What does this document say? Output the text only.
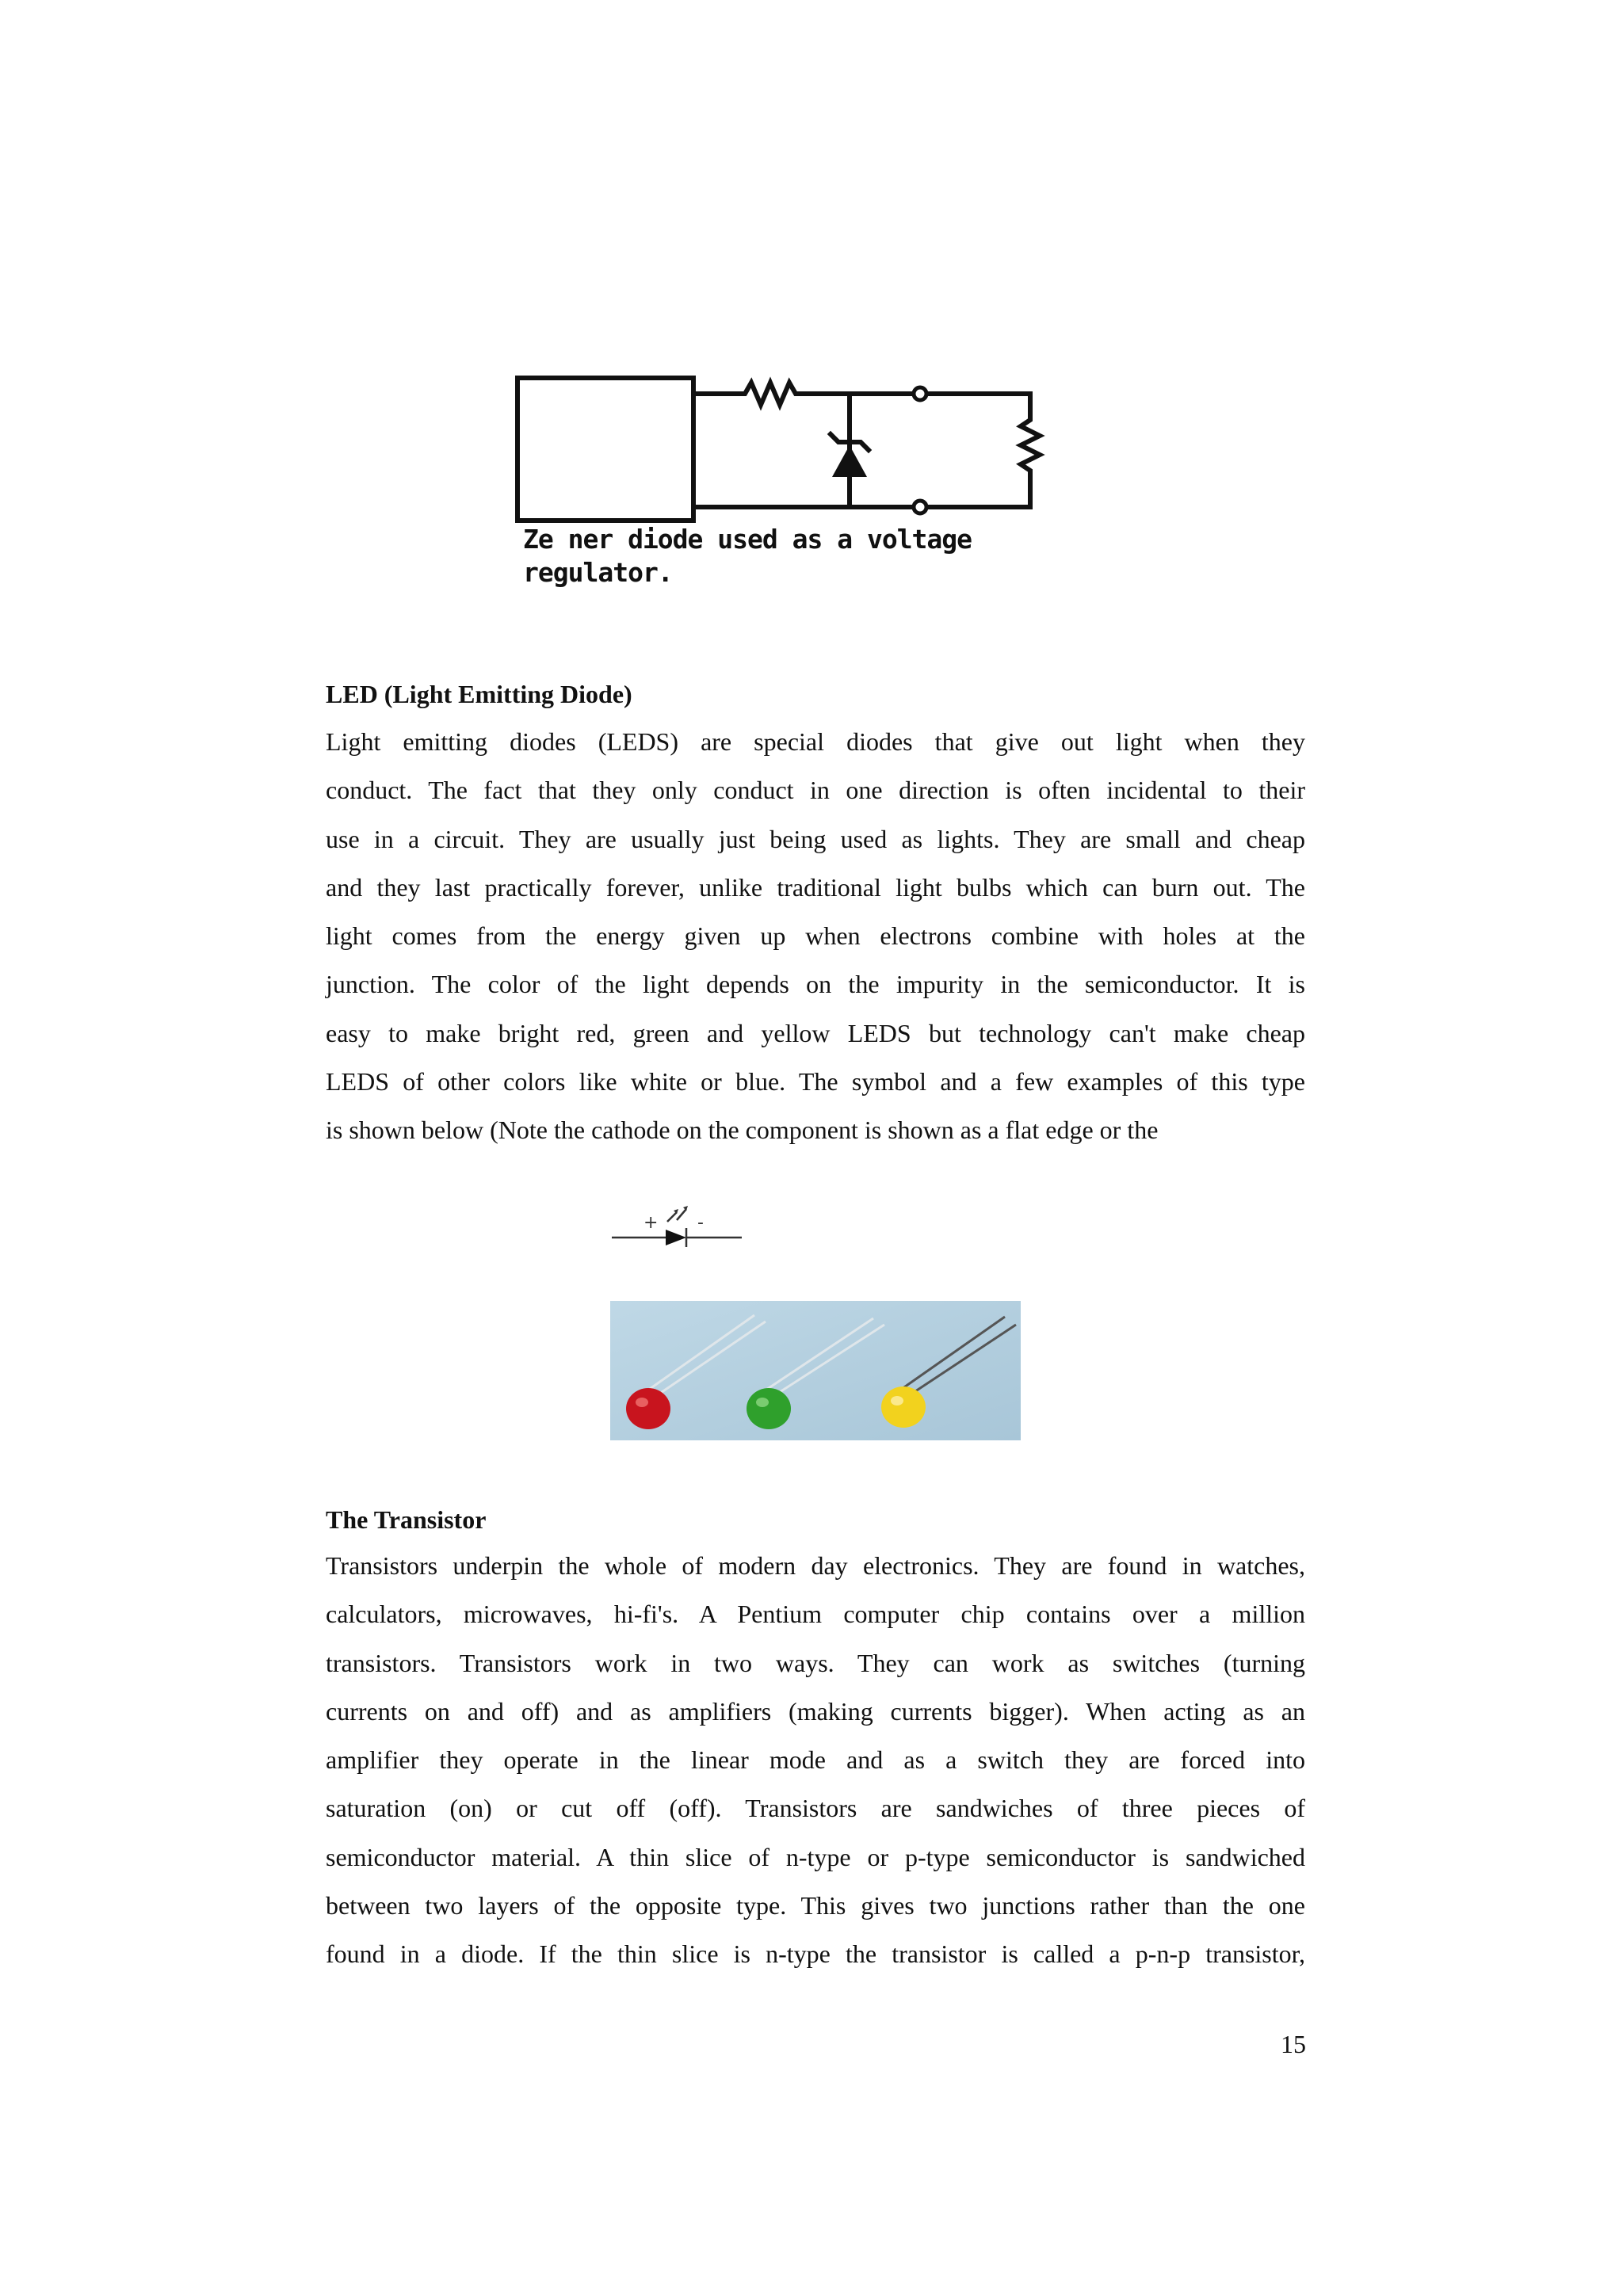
Ze ner diode used as a voltage
regulator.

LED (Light Emitting Diode)
Light emitting diodes (LEDS) are special diodes that give out light when they
conduct. The fact that they only conduct in one direction is often incidental to their
use in a circuit. They are usually just being used as lights. They are small and cheap
and they last practically forever, unlike traditional light bulbs which can burn out. The
light comes from the energy given up when electrons combine with holes at the
junction. The color of the light depends on the impurity in the semiconductor. It is
easy to make bright red, green and yellow LEDS but technology can't make cheap
LEDS of other colors like white or blue. The symbol and a few examples of this type
is shown below (Note the cathode on the component is shown as a flat edge or the
+ -
The Transistor
Transistors underpin the whole of modern day electronics. They are found in watches,
calculators, microwaves, hi-fi's. A Pentium computer chip contains over a million
transistors. Transistors work in two ways. They can work as switches (turning
currents on and off) and as amplifiers (making currents bigger). When acting as an
amplifier they operate in the linear mode and as a switch they are forced into
saturation (on) or cut off (off). Transistors are sandwiches of three pieces of
semiconductor material. A thin slice of n-type or p-type semiconductor is sandwiched
between two layers of the opposite type. This gives two junctions rather than the one
found in a diode. If the thin slice is n-type the transistor is called a p-n-p transistor,

15
